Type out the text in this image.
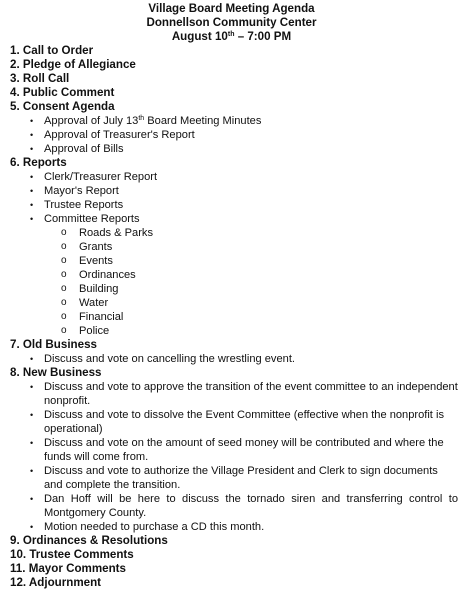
Village Board Meeting Agenda
Donnellson Community Center
August 10th – 7:00 PM
1. Call to Order
2. Pledge of Allegiance
3. Roll Call
4. Public Comment
5. Consent Agenda
• Approval of July 13th Board Meeting Minutes
• Approval of Treasurer's Report
• Approval of Bills
6. Reports
• Clerk/Treasurer Report
• Mayor's Report
• Trustee Reports
• Committee Reports
o Roads & Parks
o Grants
o Events
o Ordinances
o Building
o Water
o Financial
o Police
7. Old Business
• Discuss and vote on cancelling the wrestling event.
8. New Business
• Discuss and vote to approve the transition of the event committee to an independent nonprofit.
• Discuss and vote to dissolve the Event Committee (effective when the nonprofit is operational)
• Discuss and vote on the amount of seed money will be contributed and where the funds will come from.
• Discuss and vote to authorize the Village President and Clerk to sign documents and complete the transition.
• Dan Hoff will be here to discuss the tornado siren and transferring control to Montgomery County.
• Motion needed to purchase a CD this month.
9. Ordinances & Resolutions
10. Trustee Comments
11. Mayor Comments
12. Adjournment
